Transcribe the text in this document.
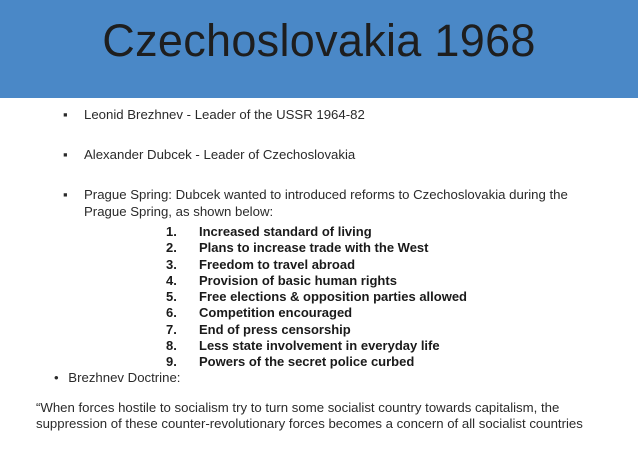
Czechoslovakia 1968
▪ Leonid Brezhnev - Leader of the USSR 1964-82
▪ Alexander Dubcek - Leader of Czechoslovakia
▪ Prague Spring: Dubcek wanted to introduced reforms to Czechoslovakia during the Prague Spring, as shown below:
1. Increased standard of living
2. Plans to increase trade with the West
3. Freedom to travel abroad
4. Provision of basic human rights
5. Free elections & opposition parties allowed
6. Competition encouraged
7. End of press censorship
8. Less state involvement in everyday life
9. Powers of the secret police curbed
• Brezhnev Doctrine:
“When forces hostile to socialism try to turn some socialist country towards capitalism, the suppression of these counter-revolutionary forces becomes a concern of all socialist countries
